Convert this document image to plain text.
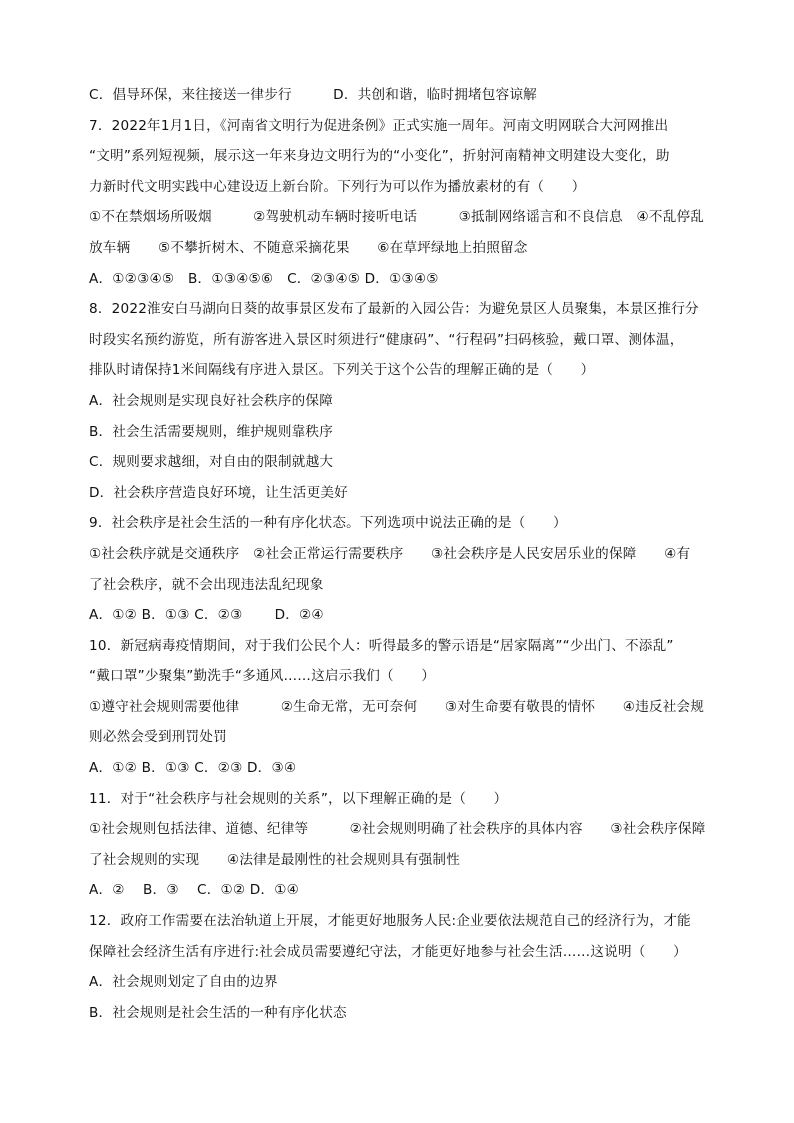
C．倡导环保，来往接送一律步行　　　D．共创和谐，临时拥堵包容谅解
7．2022年1月1日，《河南省文明行为促进条例》正式实施一周年。河南文明网联合大河网推出
“文明”系列短视频，展示这一年来身边文明行为的“小变化”，折射河南精神文明建设大变化，助
力新时代文明实践中心建设迈上新台阶。下列行为可以作为播放素材的有（　　）
①不在禁烟场所吸烟　　　②驾驶机动车辆时接听电话　　　③抵制网络谣言和不良信息　④不乱停乱
放车辆　　⑤不攀折树木、不随意采摘花果　　⑥在草坪绿地上拍照留念
A．①②③④⑤　B．①③④⑤⑥　C．②③④⑤ D．①③④⑤
8．2022淮安白马湖向日葵的故事景区发布了最新的入园公告：为避免景区人员聚集，本景区推行分
时段实名预约游览，所有游客进入景区时须进行“健康码”、“行程码”扫码核验，戴口罩、测体温，
排队时请保持1米间隔线有序进入景区。下列关于这个公告的理解正确的是（　　）
A．社会规则是实现良好社会秩序的保障
B．社会生活需要规则，维护规则靠秩序
C．规则要求越细，对自由的限制就越大
D．社会秩序营造良好环境，让生活更美好
9．社会秩序是社会生活的一种有序化状态。下列选项中说法正确的是（　　）
①社会秩序就是交通秩序　②社会正常运行需要秩序　　③社会秩序是人民安居乐业的保障　　④有
了社会秩序，就不会出现违法乱纪现象
A．①② B．①③ C．②③　　 D．②④
10．新冠病毒疫情期间，对于我们公民个人：听得最多的警示语是“居家隔离”“少出门、不添乱”
“戴口罩”少聚集”勤洗手“多通风……这启示我们（　　）
①遵守社会规则需要他律　　　②生命无常，无可奈何　　③对生命要有敬畏的情怀　　④违反社会规
则必然会受到刑罚处罚
A．①② B．①③ C．②③ D．③④
11．对于“社会秩序与社会规则的关系”，以下理解正确的是（　　）
①社会规则包括法律、道德、纪律等　　　②社会规则明确了社会秩序的具体内容　　③社会秩序保障
了社会规则的实现　　④法律是最刚性的社会规则具有强制性
A．②　 B．③　 C．①② D．①④
12．政府工作需要在法治轨道上开展，才能更好地服务人民:企业要依法规范自己的经济行为，才能
保障社会经济生活有序进行:社会成员需要遵纪守法，才能更好地参与社会生活……这说明（　　）
A．社会规则划定了自由的边界
B．社会规则是社会生活的一种有序化状态
